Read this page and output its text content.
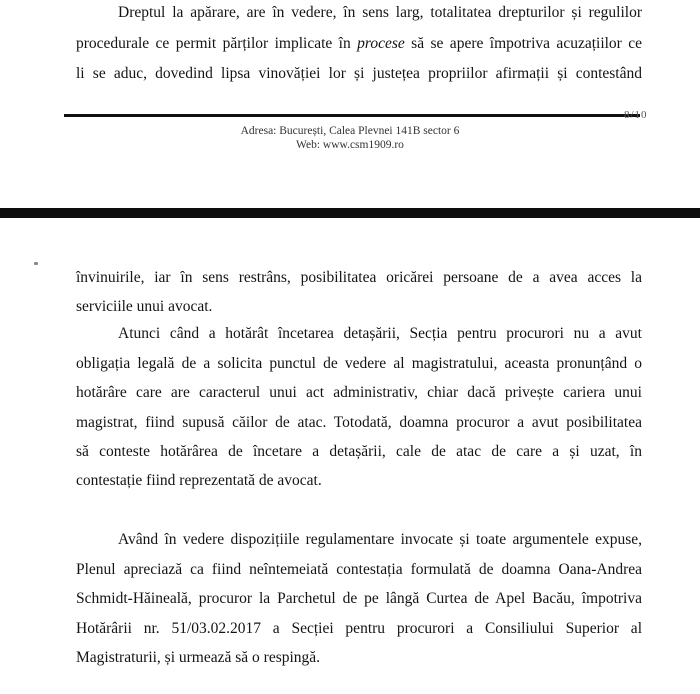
Dreptul la apărare, are în vedere, în sens larg, totalitatea drepturilor și regulilor
procedurale ce permit părților implicate în procese să se apere împotriva acuzațiilor ce
li se aduc, dovedind lipsa vinovăției lor și justețea propriilor afirmații și contestând
8/10
Adresa: București, Calea Plevnei 141B sector 6
Web: www.csm1909.ro
învinuirile, iar în sens restrâns, posibilitatea oricărei persoane de a avea acces la
serviciile unui avocat.
Atunci când a hotărât încetarea detașării, Secția pentru procurori nu a avut
obligația legală de a solicita punctul de vedere al magistratului, aceasta pronunțând o
hotărâre care are caracterul unui act administrativ, chiar dacă privește cariera unui
magistrat, fiind supusă căilor de atac. Totodată, doamna procuror a avut posibilitatea
să conteste hotărârea de încetare a detașării, cale de atac de care a și uzat, în
contestație fiind reprezentată de avocat.
Având în vedere dispozițiile regulamentare invocate și toate argumentele expuse,
Plenul apreciază ca fiind neîntemeiată contestația formulată de doamna Oana-Andrea
Schmidt-Hăineală, procuror la Parchetul de pe lângă Curtea de Apel Bacău, împotriva
Hotărârii nr. 51/03.02.2017 a Secției pentru procurori a Consiliului Superior al
Magistraturii, și urmează să o respingă.
